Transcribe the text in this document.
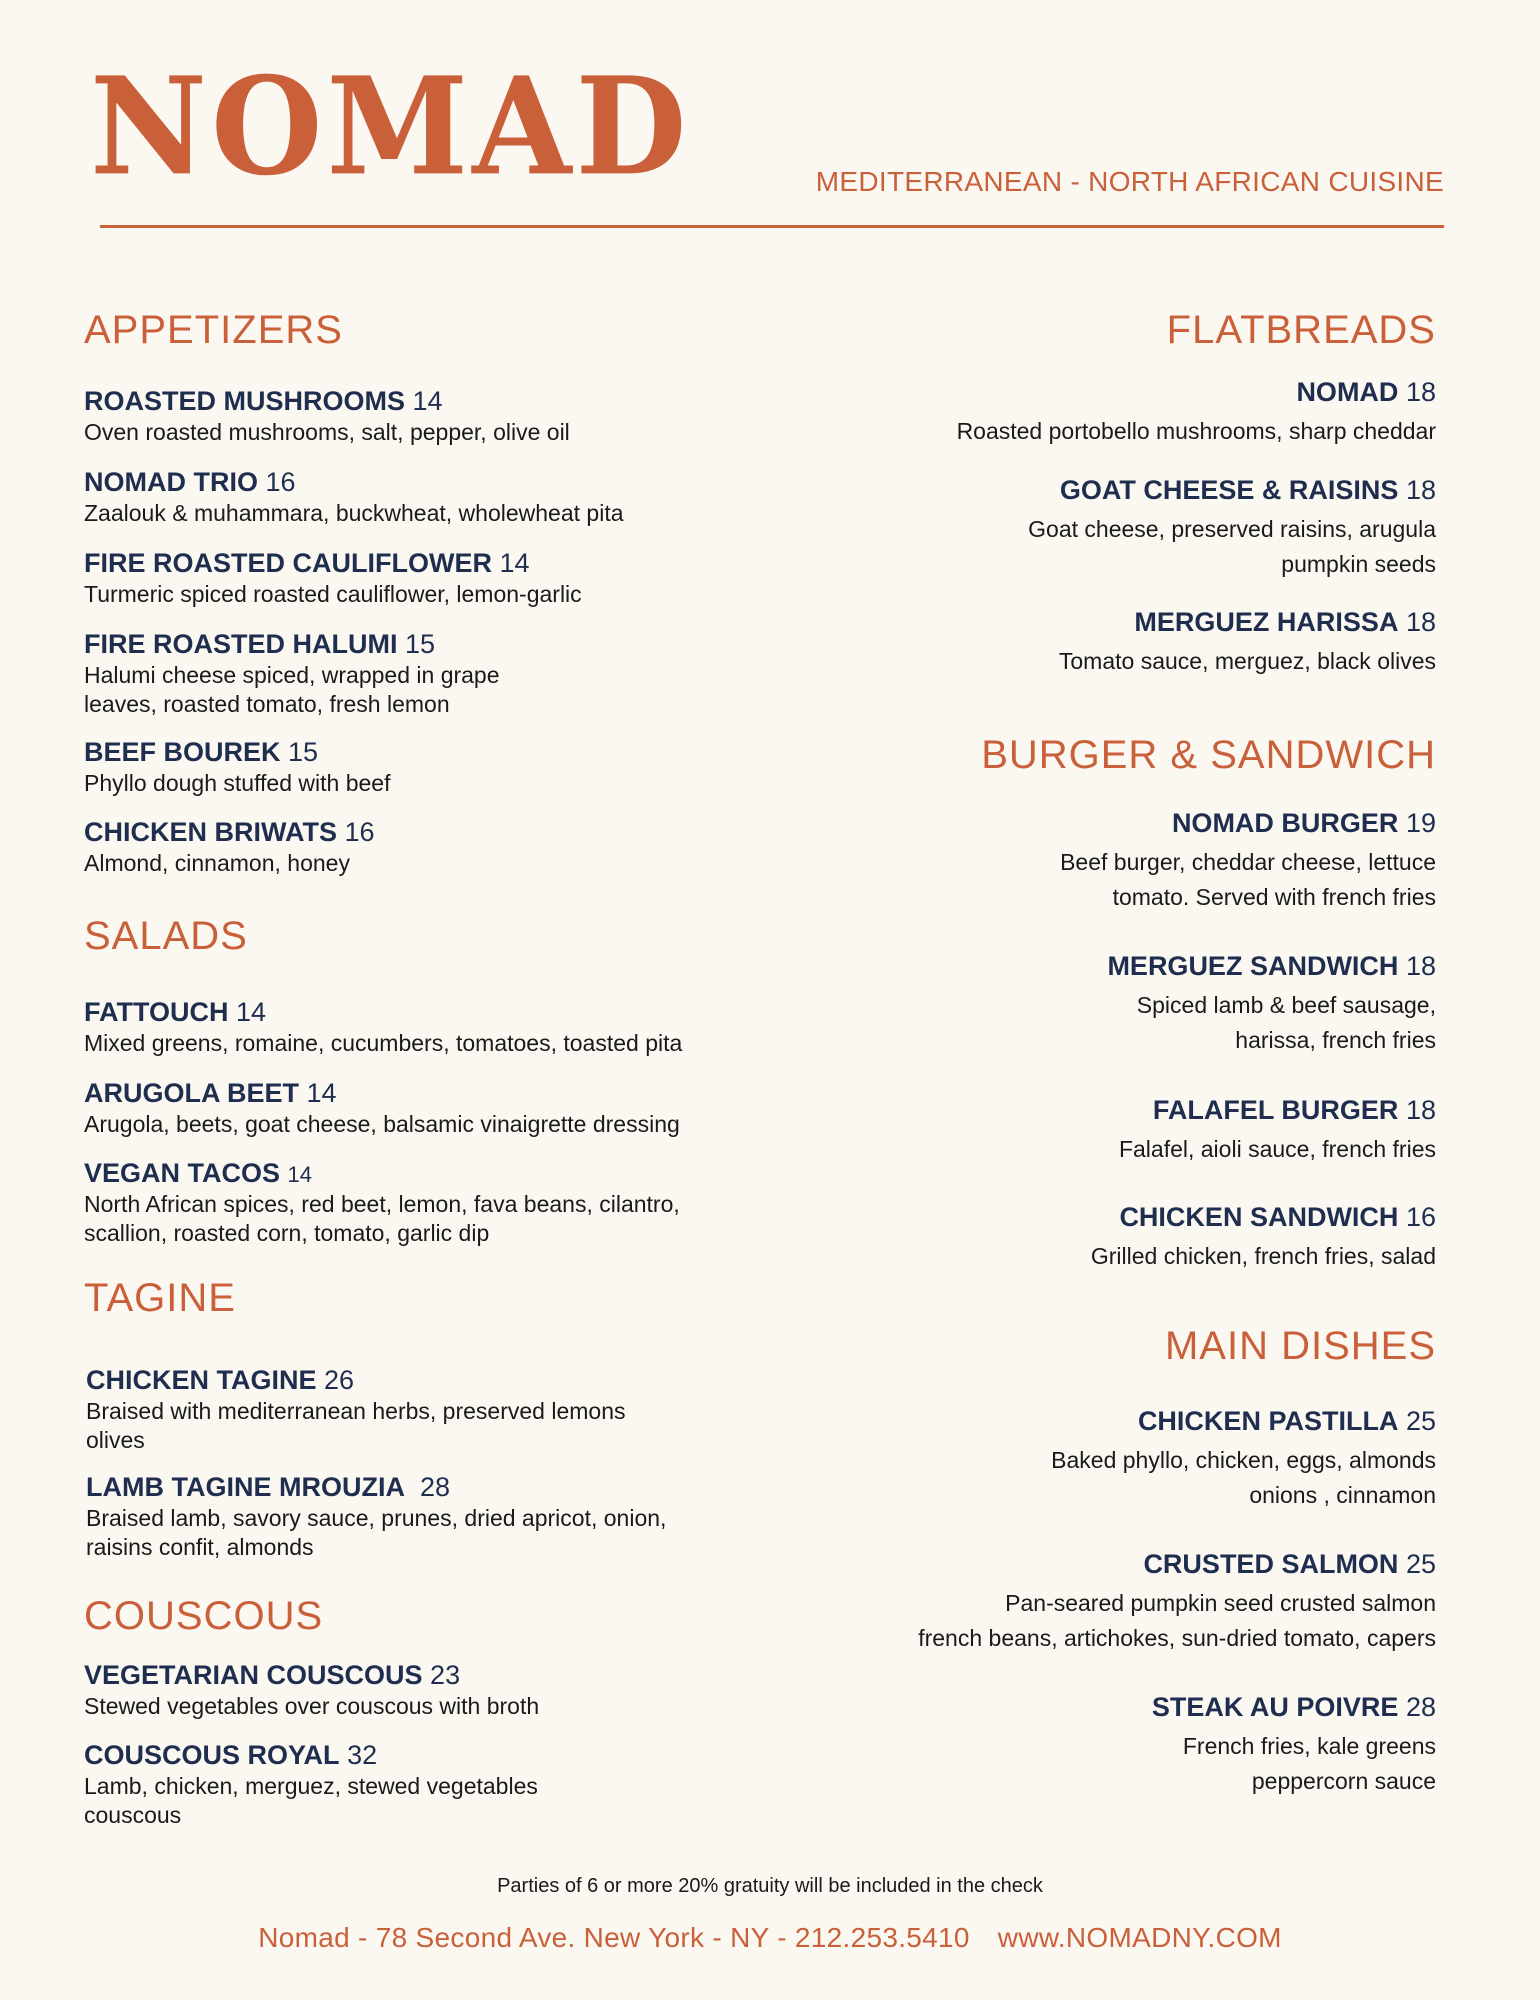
NOMAD	MEDITERRANEAN - NORTH AFRICAN CUISINE
APPETIZERS
ROASTED MUSHROOMS 14
Oven roasted mushrooms, salt, pepper, olive oil
NOMAD TRIO 16
Zaalouk & muhammara, buckwheat, wholewheat pita
FIRE ROASTED CAULIFLOWER 14
Turmeric spiced roasted cauliflower, lemon-garlic
FIRE ROASTED HALUMI 15
Halumi cheese spiced, wrapped in grape
leaves, roasted tomato, fresh lemon
BEEF BOUREK 15
Phyllo dough stuffed with beef
CHICKEN BRIWATS 16
Almond, cinnamon, honey
SALADS
FATTOUCH 14
Mixed greens, romaine, cucumbers, tomatoes, toasted pita
ARUGOLA BEET 14
Arugola, beets, goat cheese, balsamic vinaigrette dressing
VEGAN TACOS 14
North African spices, red beet, lemon, fava beans, cilantro,
scallion, roasted corn, tomato, garlic dip
TAGINE
CHICKEN TAGINE 26
Braised with mediterranean herbs, preserved lemons
olives
LAMB TAGINE MROUZIA 28
Braised lamb, savory sauce, prunes, dried apricot, onion,
raisins confit, almonds
COUSCOUS
VEGETARIAN COUSCOUS 23
Stewed vegetables over couscous with broth
COUSCOUS ROYAL 32
Lamb, chicken, merguez, stewed vegetables
couscous
FLATBREADS
NOMAD 18
Roasted portobello mushrooms, sharp cheddar
GOAT CHEESE & RAISINS 18
Goat cheese, preserved raisins, arugula
pumpkin seeds
MERGUEZ HARISSA 18
Tomato sauce, merguez, black olives
BURGER & SANDWICH
NOMAD BURGER 19
Beef burger, cheddar cheese, lettuce
tomato. Served with french fries
MERGUEZ SANDWICH 18
Spiced lamb & beef sausage,
harissa, french fries
FALAFEL BURGER 18
Falafel, aioli sauce, french fries
CHICKEN SANDWICH 16
Grilled chicken, french fries, salad
MAIN DISHES
CHICKEN PASTILLA 25
Baked phyllo, chicken, eggs, almonds
onions , cinnamon
CRUSTED SALMON 25
Pan-seared pumpkin seed crusted salmon
french beans, artichokes, sun-dried tomato, capers
STEAK AU POIVRE 28
French fries, kale greens
peppercorn sauce
Parties of 6 or more 20% gratuity will be included in the check
Nomad - 78 Second Ave. New York - NY - 212.253.5410 www.NOMADNY.COM
